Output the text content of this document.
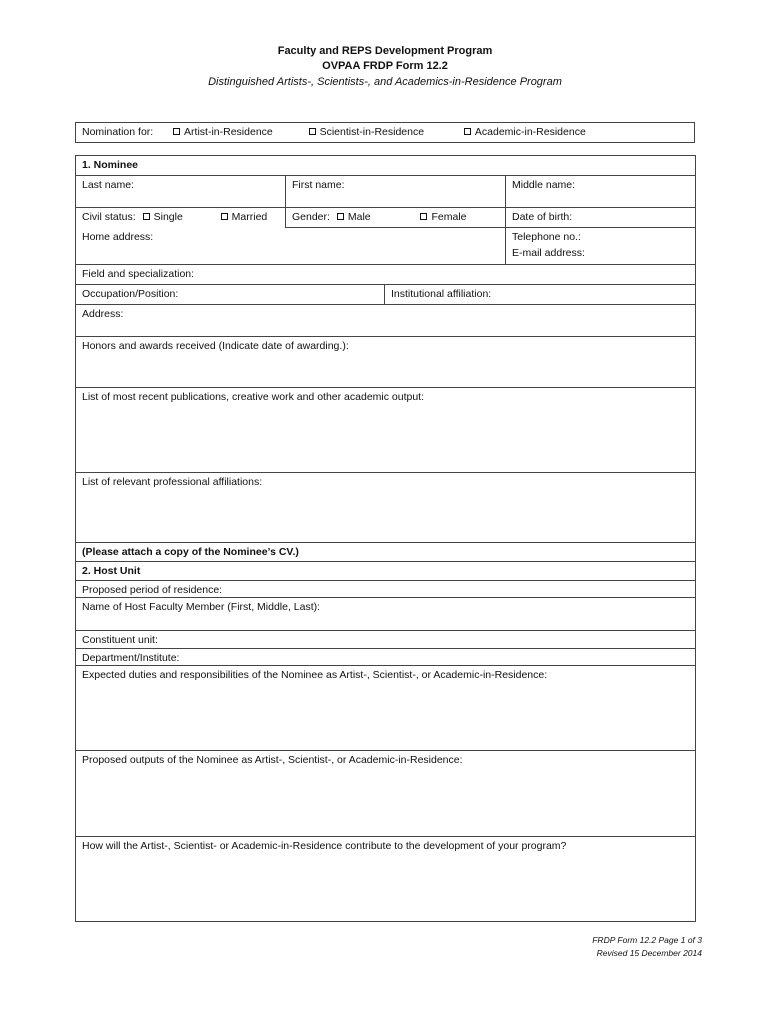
Faculty and REPS Development Program
OVPAA FRDP Form 12.2
Distinguished Artists-, Scientists-, and Academics-in-Residence Program
Nomination for:	Artist-in-Residence	Scientist-in-Residence	Academic-in-Residence
1. Nominee			
Last name:	First name:		Middle name:
Civil status: Single Married	Gender: Male Female		Date of birth:
Home address:			Telephone no.:
E-mail address:

Field and specialization:			
Occupation/Position:		Institutional affiliation:	
Address:			
Honors and awards received (Indicate date of awarding.):			
List of most recent publications, creative work and other academic output:			
List of relevant professional affiliations:			
(Please attach a copy of the Nominee’s CV.)			
2. Host Unit			
Proposed period of residence:			
Name of Host Faculty Member (First, Middle, Last):			
Constituent unit:			
Department/Institute:			
Expected duties and responsibilities of the Nominee as Artist-, Scientist-, or Academic-in-Residence:			
Proposed outputs of the Nominee as Artist-, Scientist-, or Academic-in-Residence:			
How will the Artist-, Scientist- or Academic-in-Residence contribute to the development of your program?			
FRDP Form 12.2 Page 1 of 3
Revised 15 December 2014
